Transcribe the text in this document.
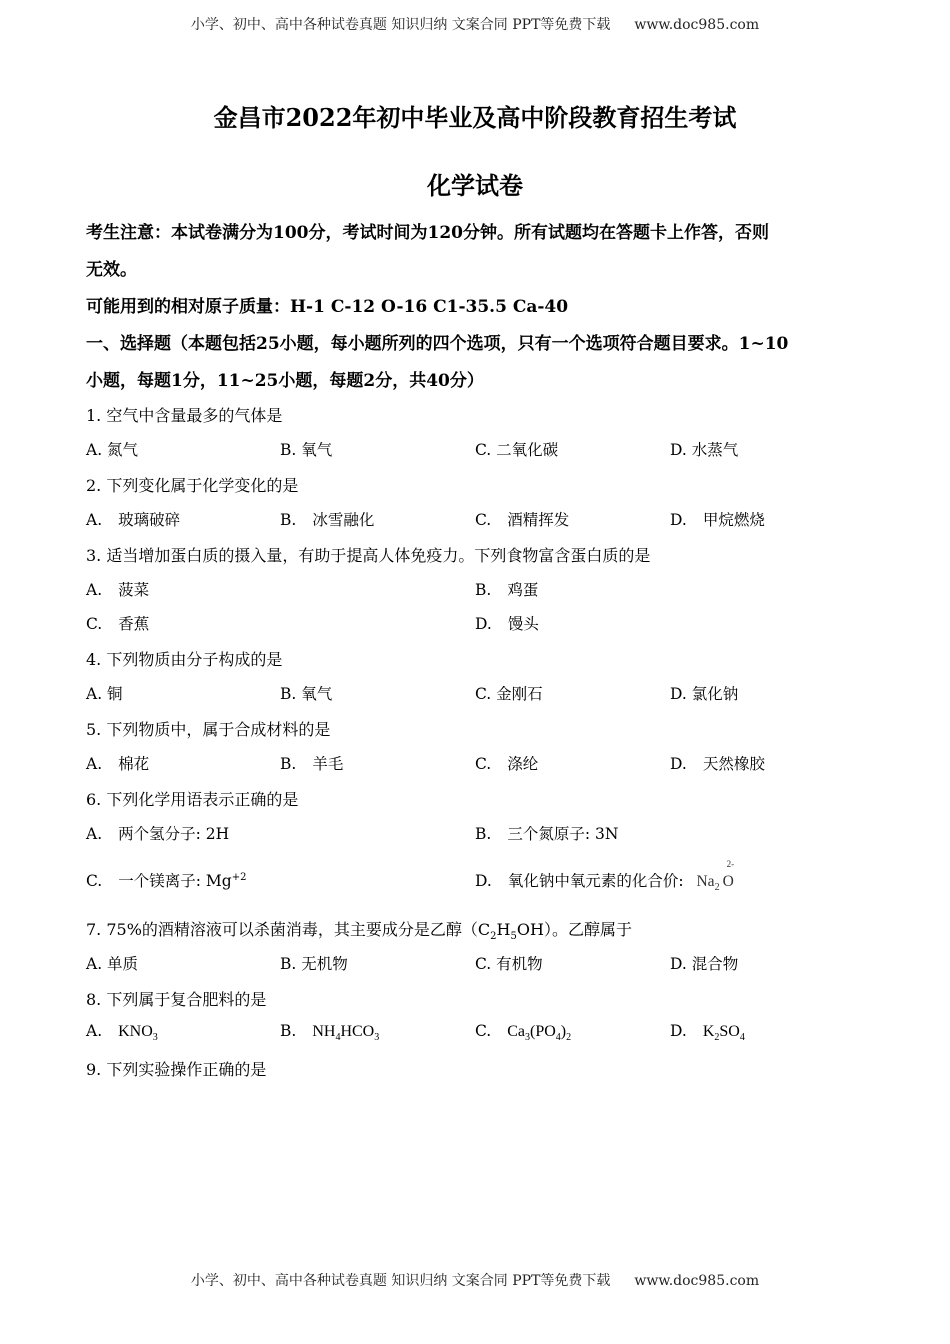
小学、初中、高中各种试卷真题 知识归纳 文案合同 PPT等免费下载 www.doc985.com
金昌市2022年初中毕业及高中阶段教育招生考试
化学试卷
考生注意：本试卷满分为100分，考试时间为120分钟。所有试题均在答题卡上作答，否则
无效。
可能用到的相对原子质量：H-1 C-12 O-16 C1-35.5 Ca-40
一、选择题（本题包括25小题，每小题所列的四个选项，只有一个选项符合题目要求。1~10
小题，每题1分，11~25小题，每题2分，共40分）
1. 空气中含量最多的气体是
A. 氮气	B. 氧气	C. 二氧化碳	D. 水蒸气
2. 下列变化属于化学变化的是
A. 玻璃破碎	B. 冰雪融化	C. 酒精挥发	D. 甲烷燃烧
3. 适当增加蛋白质的摄入量，有助于提高人体免疫力。下列食物富含蛋白质的是
A. 菠菜	B. 鸡蛋
C. 香蕉	D. 馒头
4. 下列物质由分子构成的是
A. 铜	B. 氧气	C. 金刚石	D. 氯化钠
5. 下列物质中，属于合成材料的是
A. 棉花	B. 羊毛	C. 涤纶	D. 天然橡胶
6. 下列化学用语表示正确的是
A. 两个氢分子: 2H	B. 三个氮原子: 3N
C. 一个镁离子: $Mg^{+2}$	D. 氧化钠中氧元素的化合价: $Na_2$
2-
O
7. 75%的酒精溶液可以杀菌消毒，其主要成分是乙醇$(C_2H_5OH)$。乙醇属于
A. 单质	B. 无机物	C. 有机物	D. 混合物
8. 下列属于复合肥料的是
A. $KNO_3$	B. $NH_4HCO_3$	C. $Ca_3(PO_4)_2$	D. $K_2SO_4$
9. 下列实验操作正确的是
小学、初中、高中各种试卷真题 知识归纳 文案合同 PPT等免费下载 www.doc985.com
